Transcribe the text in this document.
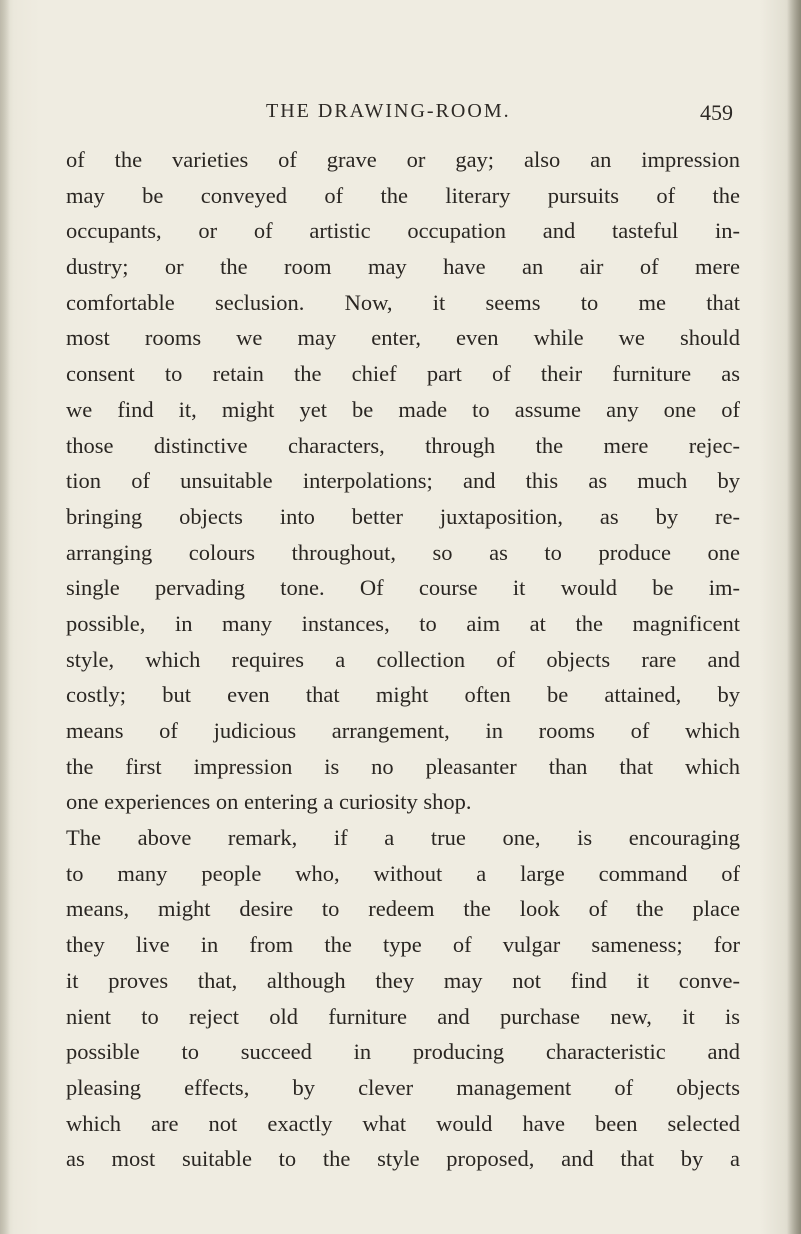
THE DRAWING-ROOM.	459
of the varieties of grave or gay; also an impression
may be conveyed of the literary pursuits of the
occupants, or of artistic occupation and tasteful in-
dustry; or the room may have an air of mere
comfortable seclusion. Now, it seems to me that
most rooms we may enter, even while we should
consent to retain the chief part of their furniture as
we find it, might yet be made to assume any one of
those distinctive characters, through the mere rejec-
tion of unsuitable interpolations; and this as much by
bringing objects into better juxtaposition, as by re-
arranging colours throughout, so as to produce one
single pervading tone. Of course it would be im-
possible, in many instances, to aim at the magnificent
style, which requires a collection of objects rare and
costly; but even that might often be attained, by
means of judicious arrangement, in rooms of which
the first impression is no pleasanter than that which
one experiences on entering a curiosity shop.
The above remark, if a true one, is encouraging
to many people who, without a large command of
means, might desire to redeem the look of the place
they live in from the type of vulgar sameness; for
it proves that, although they may not find it conve-
nient to reject old furniture and purchase new, it is
possible to succeed in producing characteristic and
pleasing effects, by clever management of objects
which are not exactly what would have been selected
as most suitable to the style proposed, and that by a
